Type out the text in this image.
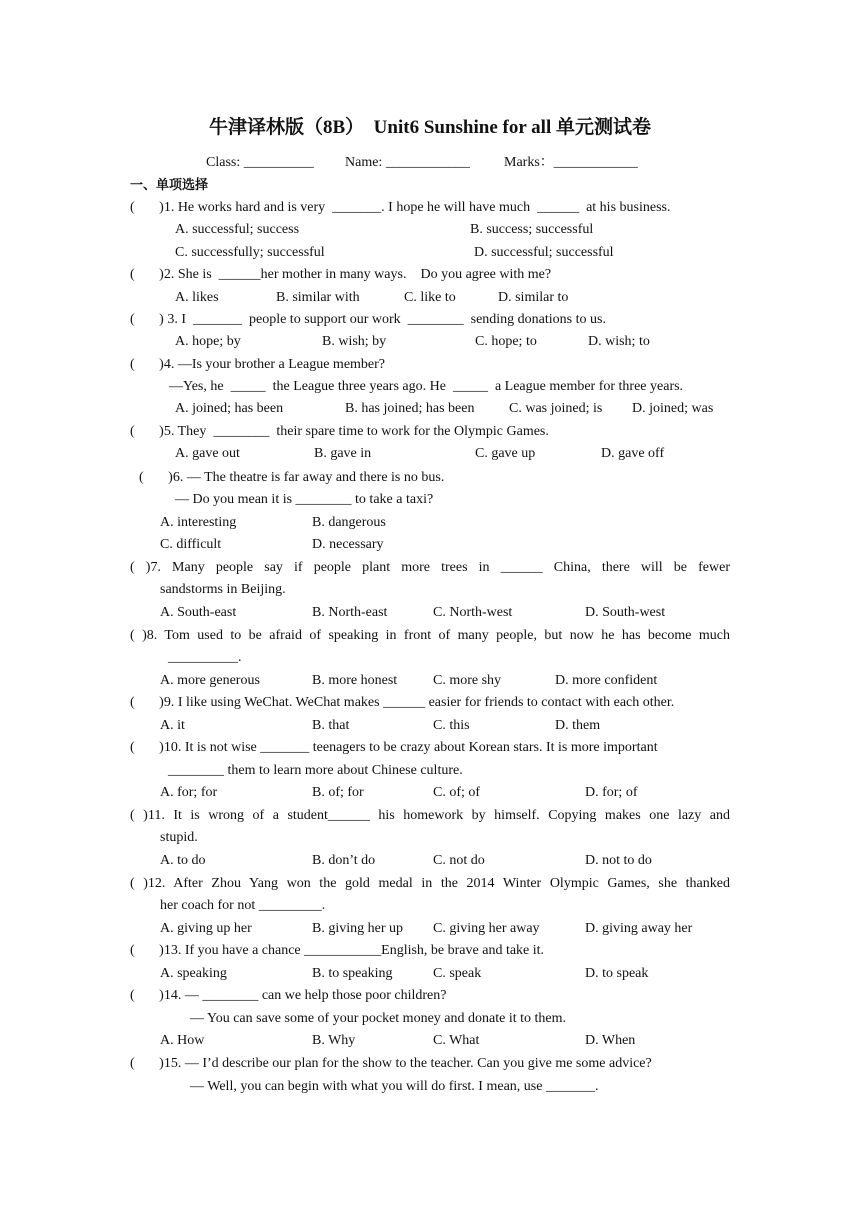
牛津译林版（8B）  Unit6 Sunshine for all 单元测试卷
Class: __________ Name: ____________ Marks：____________
一、单项选择
(       )1. He works hard and is very  _______. I hope he will have much  ______  at his business.
A. successful; success	B. success; successful
C. successfully; successful	D. successful; successful
(       )2. She is  ______her mother in many ways.    Do you agree with me?
A. likes	B. similar with	C. like to	D. similar to
(       ) 3. I  _______  people to support our work  ________  sending donations to us.
A. hope; by	B. wish; by	C. hope; to	D. wish; to
(       )4. —Is your brother a League member?
—Yes, he  _____  the League three years ago. He  _____  a League member for three years.
A. joined; has been	B. has joined; has been C. was joined; is D. joined; was
(       )5. They  ________  their spare time to work for the Olympic Games.
A. gave out	B. gave in	C. gave up	D. gave off
(       )6. — The theatre is far away and there is no bus.
— Do you mean it is ________ to take a taxi?
A. interesting	B. dangerous
C. difficult	D. necessary
( )7. Many people say if people plant more trees in ______ China, there will be fewer
sandstorms in Beijing.
A. South-east	B. North-east	C. North-west	D. South-west
( )8. Tom used to be afraid of speaking in front of many people, but now he has become much
__________.
A. more generous	B. more honest	C. more shy	D. more confident
(       )9. I like using WeChat. WeChat makes ______ easier for friends to contact with each other.
A. it	B. that	C. this	D. them
(       )10. It is not wise _______ teenagers to be crazy about Korean stars. It is more important
________ them to learn more about Chinese culture.
A. for; for	B. of; for	C. of; of	D. for; of
( )11. It is wrong of a student______ his homework by himself. Copying makes one lazy and
stupid.
A. to do	B. don’t do	C. not do	D. not to do
( )12. After Zhou Yang won the gold medal in the 2014 Winter Olympic Games, she thanked
her coach for not _________.
A. giving up her	B. giving her up C. giving her away	D. giving away her
(       )13. If you have a chance ___________English, be brave and take it.
A. speaking	B. to speaking	C. speak	D. to speak
(       )14. — ________ can we help those poor children?
— You can save some of your pocket money and donate it to them.
A. How	B. Why	C. What	D. When
(       )15. — I’d describe our plan for the show to the teacher. Can you give me some advice?
— Well, you can begin with what you will do first. I mean, use _______.
